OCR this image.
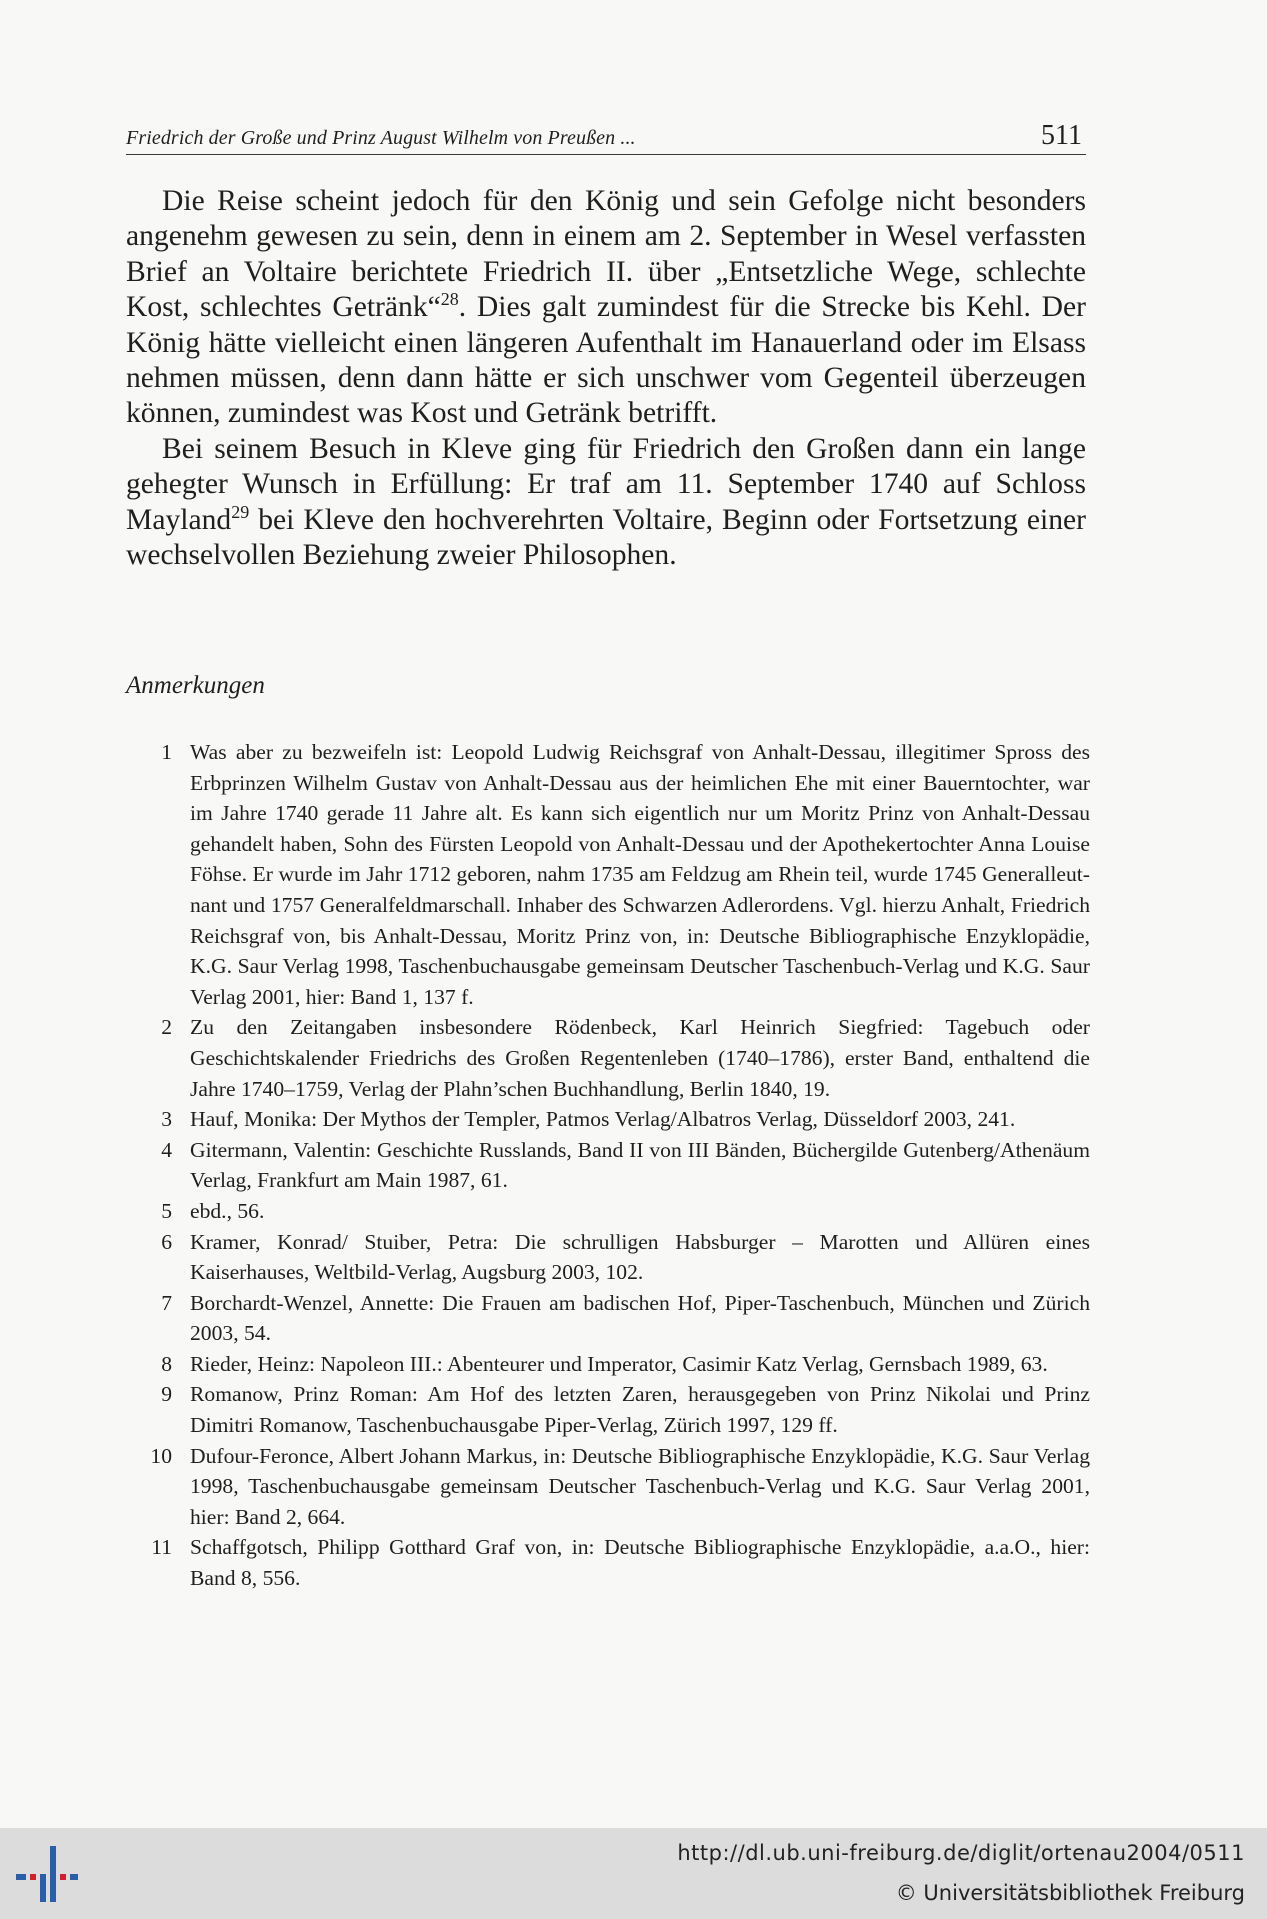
Friedrich der Große und Prinz August Wilhelm von Preußen ...	511

Die Reise scheint jedoch für den König und sein Gefolge nicht besonders angenehm gewesen zu sein, denn in einem am 2. September in Wesel verfassten Brief an Voltaire berichtete Friedrich II. über „Entsetzliche Wege, schlechte Kost, schlechtes Getränk“$^{28}$. Dies galt zumindest für die Strecke bis Kehl. Der König hätte vielleicht einen längeren Aufenthalt im Hanauerland oder im Elsass nehmen müssen, denn dann hätte er sich unschwer vom Gegenteil überzeugen können, zumindest was Kost und Getränk betrifft.

Bei seinem Besuch in Kleve ging für Friedrich den Großen dann ein lange gehegter Wunsch in Erfüllung: Er traf am 11. September 1740 auf Schloss Mayland$^{29}$ bei Kleve den hochverehrten Voltaire, Beginn oder Fortsetzung einer wechselvollen Beziehung zweier Philosophen.

Anmerkungen
1 Was aber zu bezweifeln ist: Leopold Ludwig Reichsgraf von Anhalt-Dessau, illegitimer Spross des Erbprinzen Wilhelm Gustav von Anhalt-Dessau aus der heimlichen Ehe mit einer Bauerntochter, war im Jahre 1740 gerade 11 Jahre alt. Es kann sich eigentlich nur um Moritz Prinz von Anhalt-Dessau gehandelt haben, Sohn des Fürsten Leopold von Anhalt-Dessau und der Apothekertochter Anna Louise Föhse. Er wurde im Jahr 1712 geboren, nahm 1735 am Feldzug am Rhein teil, wurde 1745 Generalleutnant und 1757 Generalfeldmarschall. Inhaber des Schwarzen Adlerordens. Vgl. hierzu Anhalt, Friedrich Reichsgraf von, bis Anhalt-Dessau, Moritz Prinz von, in: Deutsche Bibliographische Enzyklopädie, K.G. Saur Verlag 1998, Taschenbuchausgabe gemeinsam Deutscher Taschenbuch-Verlag und K.G. Saur Verlag 2001, hier: Band 1, 137 f.
2 Zu den Zeitangaben insbesondere Rödenbeck, Karl Heinrich Siegfried: Tagebuch oder Geschichtskalender Friedrichs des Großen Regentenleben (1740–1786), erster Band, enthaltend die Jahre 1740–1759, Verlag der Plahn’schen Buchhandlung, Berlin 1840, 19.
3 Hauf, Monika: Der Mythos der Templer, Patmos Verlag/Albatros Verlag, Düsseldorf 2003, 241.
4 Gitermann, Valentin: Geschichte Russlands, Band II von III Bänden, Büchergilde Gutenberg/Athenäum Verlag, Frankfurt am Main 1987, 61.
5 ebd., 56.
6 Kramer, Konrad/ Stuiber, Petra: Die schrulligen Habsburger – Marotten und Allüren eines Kaiserhauses, Weltbild-Verlag, Augsburg 2003, 102.
7 Borchardt-Wenzel, Annette: Die Frauen am badischen Hof, Piper-Taschenbuch, München und Zürich 2003, 54.
8 Rieder, Heinz: Napoleon III.: Abenteurer und Imperator, Casimir Katz Verlag, Gernsbach 1989, 63.
9 Romanow, Prinz Roman: Am Hof des letzten Zaren, herausgegeben von Prinz Nikolai und Prinz Dimitri Romanow, Taschenbuchausgabe Piper-Verlag, Zürich 1997, 129 ff.
10 Dufour-Feronce, Albert Johann Markus, in: Deutsche Bibliographische Enzyklopädie, K.G. Saur Verlag 1998, Taschenbuchausgabe gemeinsam Deutscher Taschenbuch-Verlag und K.G. Saur Verlag 2001, hier: Band 2, 664.
11 Schaffgotsch, Philipp Gotthard Graf von, in: Deutsche Bibliographische Enzyklopädie, a.a.O., hier: Band 8, 556.
http://dl.ub.uni-freiburg.de/diglit/ortenau2004/0511
© Universitätsbibliothek Freiburg
